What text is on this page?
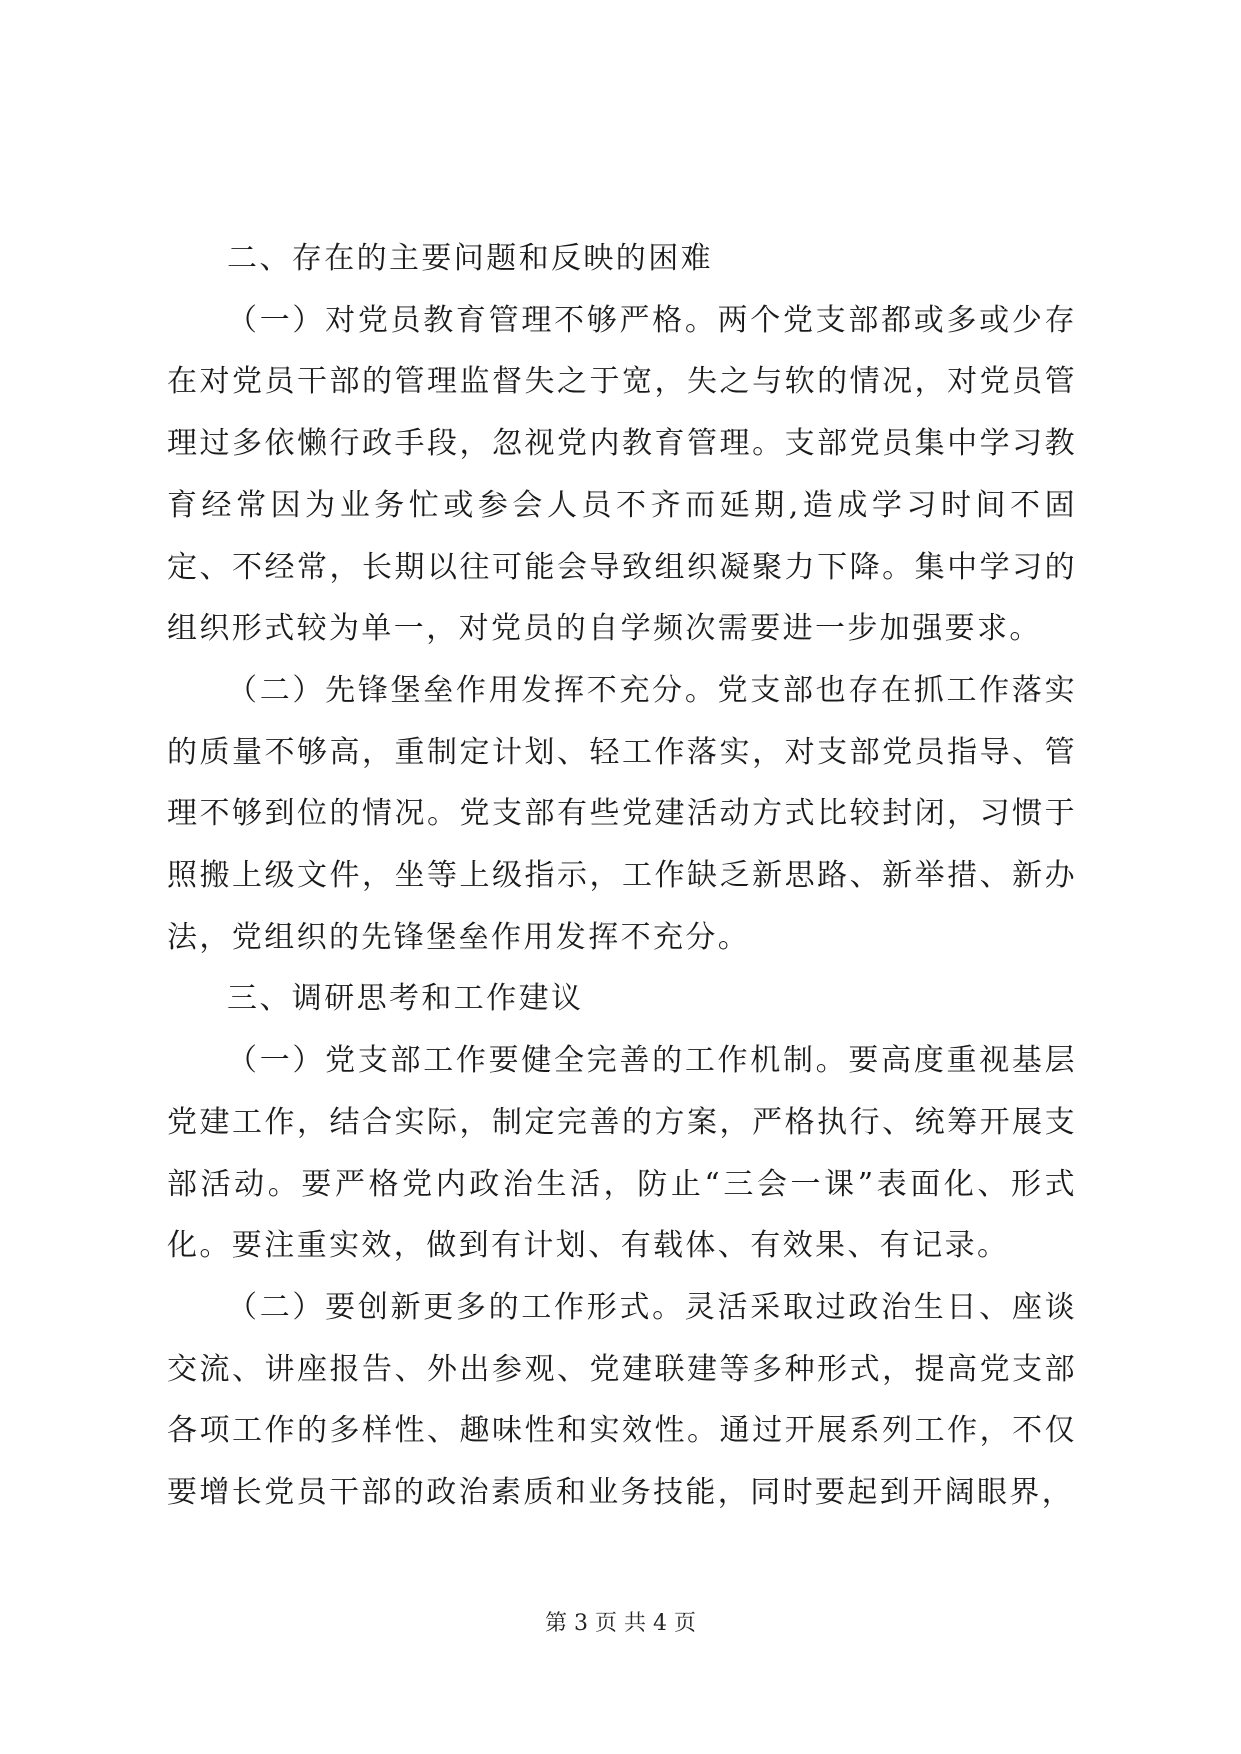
二、存在的主要问题和反映的困难

（一）对党员教育管理不够严格。两个党支部都或多或少存在对党员干部的管理监督失之于宽，失之与软的情况，对党员管理过多依懒行政手段，忽视党内教育管理。支部党员集中学习教育经常因为业务忙或参会人员不齐而延期,造成学习时间不固定、不经常，长期以往可能会导致组织凝聚力下降。集中学习的组织形式较为单一，对党员的自学频次需要进一步加强要求。

（二）先锋堡垒作用发挥不充分。党支部也存在抓工作落实的质量不够高，重制定计划、轻工作落实，对支部党员指导、管理不够到位的情况。党支部有些党建活动方式比较封闭，习惯于照搬上级文件，坐等上级指示，工作缺乏新思路、新举措、新办法，党组织的先锋堡垒作用发挥不充分。

三、调研思考和工作建议

（一）党支部工作要健全完善的工作机制。要高度重视基层党建工作，结合实际，制定完善的方案，严格执行、统筹开展支部活动。要严格党内政治生活，防止“三会一课”表面化、形式化。要注重实效，做到有计划、有载体、有效果、有记录。

（二）要创新更多的工作形式。灵活采取过政治生日、座谈交流、讲座报告、外出参观、党建联建等多种形式，提高党支部各项工作的多样性、趣味性和实效性。通过开展系列工作，不仅要增长党员干部的政治素质和业务技能，同时要起到开阔眼界，

第 3 页 共 4 页
